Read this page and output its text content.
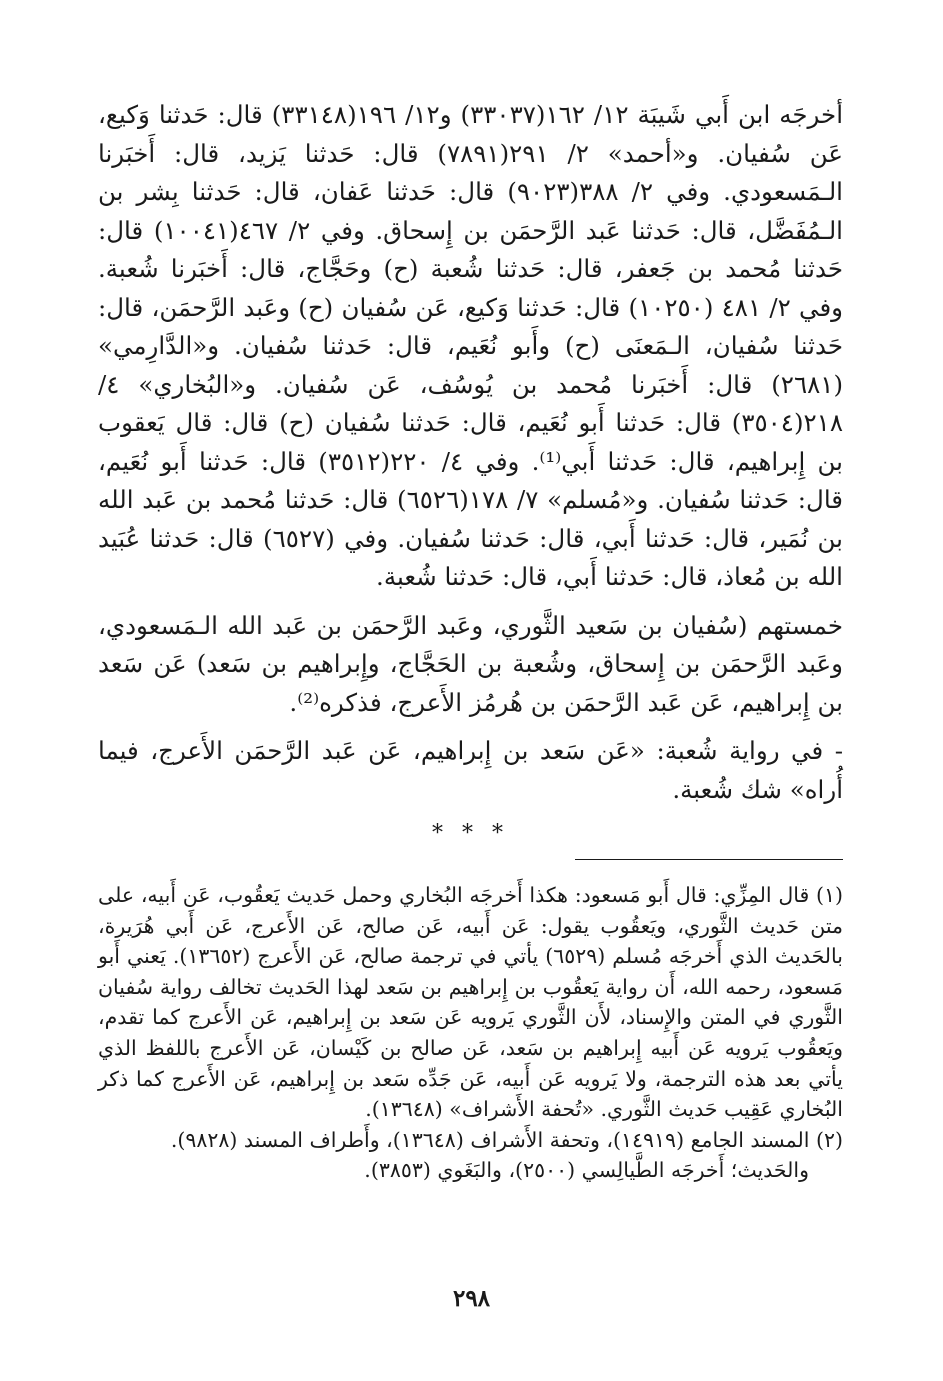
أخرجَه ابن أَبي شَيبَة ١٢/ ١٦٢(٣٣٠٣٧) و١٢/ ١٩٦(٣٣١٤٨) قال: حَدثنا وَكيع، عَن سُفيان. و«أحمد» ٢/ ٢٩١(٧٨٩١) قال: حَدثنا يَزيد، قال: أَخبَرنا الـمَسعودي. وفي ٢/ ٣٨٨(٩٠٢٣) قال: حَدثنا عَفان، قال: حَدثنا بِشر بن الـمُفَضَّل، قال: حَدثنا عَبد الرَّحمَن بن إِسحاق. وفي ٢/ ٤٦٧(١٠٠٤١) قال: حَدثنا مُحمد بن جَعفر، قال: حَدثنا شُعبة (ح) وحَجَّاج، قال: أَخبَرنا شُعبة. وفي ٢/ ٤٨١ (١٠٢٥٠) قال: حَدثنا وَكيع، عَن سُفيان (ح) وعَبد الرَّحمَن، قال: حَدثنا سُفيان، الـمَعنَى (ح) وأَبو نُعَيم، قال: حَدثنا سُفيان. و«الدَّارِمي» (٢٦٨١) قال: أَخبَرنا مُحمد بن يُوسُف، عَن سُفيان. و«البُخاري» ٤/ ٢١٨(٣٥٠٤) قال: حَدثنا أَبو نُعَيم، قال: حَدثنا سُفيان (ح) قال: قال يَعقوب بن إِبراهيم، قال: حَدثنا أَبي⁽¹⁾. وفي ٤/ ٢٢٠(٣٥١٢) قال: حَدثنا أَبو نُعَيم، قال: حَدثنا سُفيان. و«مُسلم» ٧/ ١٧٨(٦٥٢٦) قال: حَدثنا مُحمد بن عَبد الله بن نُمَير، قال: حَدثنا أَبي، قال: حَدثنا سُفيان. وفي (٦٥٢٧) قال: حَدثنا عُبَيد الله بن مُعاذ، قال: حَدثنا أَبي، قال: حَدثنا شُعبة.

خمستهم (سُفيان بن سَعيد الثَّوري، وعَبد الرَّحمَن بن عَبد الله الـمَسعودي، وعَبد الرَّحمَن بن إِسحاق، وشُعبة بن الحَجَّاج، وإِبراهيم بن سَعد) عَن سَعد بن إِبراهيم، عَن عَبد الرَّحمَن بن هُرمُز الأَعرج، فذكره⁽²⁾.

- في رواية شُعبة: «عَن سَعد بن إِبراهيم، عَن عَبد الرَّحمَن الأَعرج، فيما أُراه» شك شُعبة.

* * *

(١) قال المِزِّي: قال أَبو مَسعود: هكذا أَخرجَه البُخاري وحمل حَديث يَعقُوب، عَن أَبيه، على متن حَديث الثَّوري، ويَعقُوب يقول: عَن أَبيه، عَن صالح، عَن الأَعرج، عَن أَبي هُرَيرة، بالحَديث الذي أَخرجَه مُسلم (٦٥٢٩) يأتي في ترجمة صالح، عَن الأَعرج (١٣٦٥٢). يَعني أَبو مَسعود، رحمه الله، أَن رواية يَعقُوب بن إِبراهيم بن سَعد لهذا الحَديث تخالف رواية سُفيان الثَّوري في المتن والإِسناد، لأَن الثَّوري يَرويه عَن سَعد بن إِبراهيم، عَن الأَعرج كما تقدم، ويَعقُوب يَرويه عَن أَبيه إِبراهيم بن سَعد، عَن صالح بن كَيْسان، عَن الأَعرج باللفظ الذي يأتي بعد هذه الترجمة، ولا يَرويه عَن أَبيه، عَن جَدِّه سَعد بن إِبراهيم، عَن الأَعرج كما ذكر البُخاري عَقِيب حَديث الثَّوري. «تُحفة الأَشراف» (١٣٦٤٨).

(٢) المسند الجامع (١٤٩١٩)، وتحفة الأَشراف (١٣٦٤٨)، وأَطراف المسند (٩٨٢٨).

والحَديث؛ أَخرجَه الطَّيالِسي (٢٥٠٠)، والبَغَوي (٣٨٥٣).

٢٩٨
